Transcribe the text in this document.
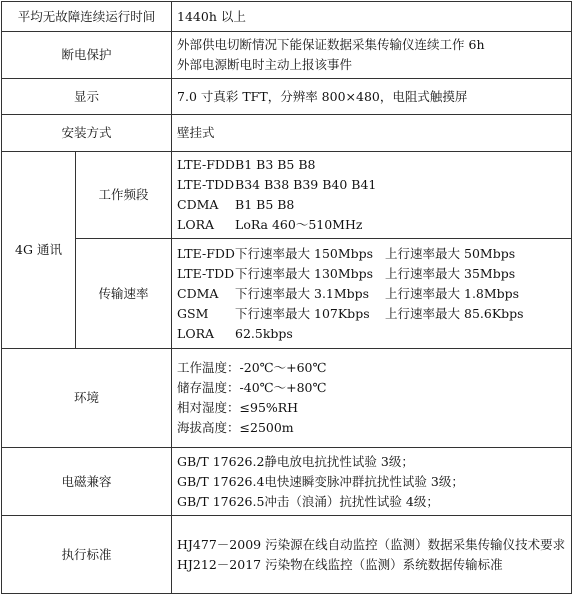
平均无故障连续运行时间		1440h 以上
断电保护		外部供电切断情况下能保证数据采集传输仪连续工作 6h
外部电源断电时主动上报该事件

显示		7.0 寸真彩 TFT，分辨率 800×480，电阻式触摸屏
安装方式		壁挂式
4G 通讯	工作频段	LTE-FDDB1 B3 B5 B8
LTE-TDDB34 B38 B39 B40 B41
CDMA B1 B5 B8
LORA LoRa 460～510MHz

	传输速率	LTE-FDD下行速率最大 150Mbps 上行速率最大 50Mbps
LTE-TDD下行速率最大 130Mbps 上行速率最大 35Mbps
CDMA 下行速率最大 3.1Mbps 上行速率最大 1.8Mbps
GSM 下行速率最大 107Kbps 上行速率最大 85.6Kbps
LORA 62.5kbps

环境		工作温度：-20℃～+60℃
储存温度：-40℃～+80℃
相对湿度：≤95%RH
海拔高度：≤2500m

电磁兼容		GB/T 17626.2静电放电抗扰性试验 3级；
GB/T 17626.4电快速瞬变脉冲群抗扰性试验 3级；
GB/T 17626.5冲击（浪涌）抗扰性试验 4级；

执行标准		HJ477－2009 污染源在线自动监控（监测）数据采集传输仪技术要求
HJ212－2017 污染物在线监控（监测）系统数据传输标准
